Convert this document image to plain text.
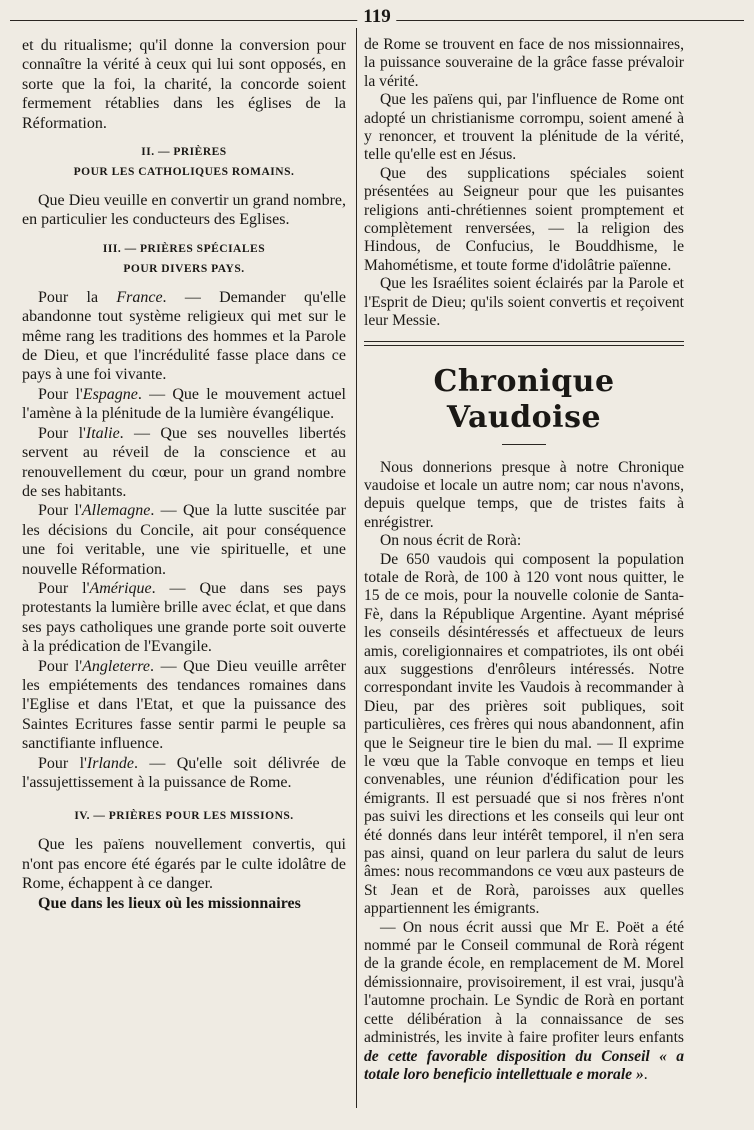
119

et du ritualisme; qu'il donne la conversion pour connaître la vérité à ceux qui lui sont opposés, en sorte que la foi, la charité, la concorde soient fermement rétablies dans les églises de la Réformation.

II. — PRIÈRES
POUR LES CATHOLIQUES ROMAINS.

Que Dieu veuille en convertir un grand nombre, en particulier les conducteurs des Eglises.

III. — PRIÈRES SPÉCIALES
POUR DIVERS PAYS.

Pour la France. — Demander qu'elle abandonne tout système religieux qui met sur le même rang les traditions des hommes et la Parole de Dieu, et que l'incrédulité fasse place dans ce pays à une foi vivante.

Pour l'Espagne. — Que le mouvement actuel l'amène à la plénitude de la lumière évangélique.

Pour l'Italie. — Que ses nouvelles libertés servent au réveil de la conscience et au renouvellement du cœur, pour un grand nombre de ses habitants.

Pour l'Allemagne. — Que la lutte suscitée par les décisions du Concile, ait pour conséquence une foi veritable, une vie spirituelle, et une nouvelle Réformation.

Pour l'Amérique. — Que dans ses pays protestants la lumière brille avec éclat, et que dans ses pays catholiques une grande porte soit ouverte à la prédication de l'Evangile.

Pour l'Angleterre. — Que Dieu veuille arrêter les empiétements des tendances romaines dans l'Eglise et dans l'Etat, et que la puissance des Saintes Ecritures fasse sentir parmi le peuple sa sanctifiante influence.

Pour l'Irlande. — Qu'elle soit délivrée de l'assujettissement à la puissance de Rome.

IV. — PRIÈRES POUR LES MISSIONS.

Que les païens nouvellement convertis, qui n'ont pas encore été égarés par le culte idolâtre de Rome, échappent à ce danger.

Que dans les lieux où les missionnaires

de Rome se trouvent en face de nos missionnaires, la puissance souveraine de la grâce fasse prévaloir la vérité.

Que les païens qui, par l'influence de Rome ont adopté un christianisme corrompu, soient amené à y renoncer, et trouvent la plénitude de la vérité, telle qu'elle est en Jésus.

Que des supplications spéciales soient présentées au Seigneur pour que les puisantes religions anti-chrétiennes soient promptement et complètement renversées, — la religion des Hindous, de Confucius, le Bouddhisme, le Mahométisme, et toute forme d'idolâtrie païenne.

Que les Israélites soient éclairés par la Parole et l'Esprit de Dieu; qu'ils soient convertis et reçoivent leur Messie.

Chronique Vaudoise

Nous donnerions presque à notre Chronique vaudoise et locale un autre nom; car nous n'avons, depuis quelque temps, que de tristes faits à enrégistrer.

On nous écrit de Rorà:

De 650 vaudois qui composent la population totale de Rorà, de 100 à 120 vont nous quitter, le 15 de ce mois, pour la nouvelle colonie de Santa-Fè, dans la République Argentine. Ayant méprisé les conseils désintéressés et affectueux de leurs amis, coreligionnaires et compatriotes, ils ont obéi aux suggestions d'enrôleurs intéressés. Notre correspondant invite les Vaudois à recommander à Dieu, par des prières soit publiques, soit particulières, ces frères qui nous abandonnent, afin que le Seigneur tire le bien du mal. — Il exprime le vœu que la Table convoque en temps et lieu convenables, une réunion d'édification pour les émigrants. Il est persuadé que si nos frères n'ont pas suivi les directions et les conseils qui leur ont été donnés dans leur intérêt temporel, il n'en sera pas ainsi, quand on leur parlera du salut de leurs âmes: nous recommandons ce vœu aux pasteurs de St Jean et de Rorà, paroisses aux quelles appartiennent les émigrants.

— On nous écrit aussi que Mr E. Poët a été nommé par le Conseil communal de Rorà régent de la grande école, en remplacement de M. Morel démissionnaire, provisoirement, il est vrai, jusqu'à l'automne prochain. Le Syndic de Rorà en portant cette délibération à la connaissance de ses administrés, les invite à faire profiter leurs enfants de cette favorable disposition du Conseil « a totale loro beneficio intellettuale e morale ».
